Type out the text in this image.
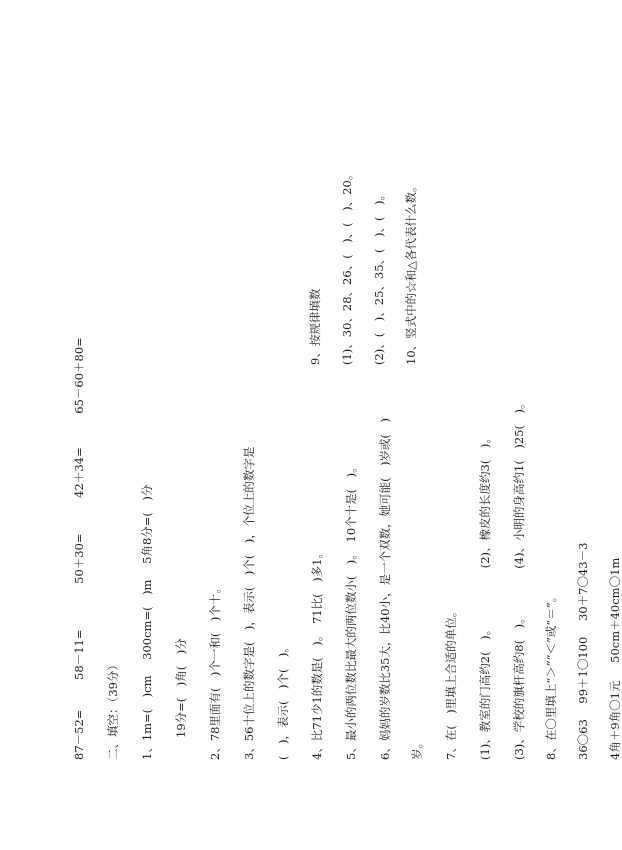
87－52= 58－11= 50＋30= 42＋34= 65－60＋80=
二、填空：（39分） 1、1m=(　)cm 300cm=(　)m 5角8分=(　)分
19分=(　)角(　)分 2、78里面有(　)个一和(　)个十。 3、56十位上的数字是(　)，表示(　)个(　)，个位上的数字是 (　)，表示(　)个(　)。 4、比71少1的数是(　)。　71比(　)多1。 5、最小的两位数比最大的两位数小(　)。　10个十是(　)。 6、妈妈的岁数比35大，比40小，是一个双数，她可能(　)岁或(　) 岁。 7、在(　)里填上合适的单位。 (1)、教室的门高约2(　)。 (2)、橡皮的长度约3(　)。
(3)、学校的旗杆高约8(　)。 (4)、小明的身高约1(　)25(　)。
8、在〇里填上“＞”“＜”或“＝”。 36〇63 99＋1〇100 30＋7〇43－3
4角＋9角〇1元 50cm＋40cm〇1m
9、按规律填数 (1)、30、28、26、(　)、(　)、20。 (2)、(　)、25、35、(　)、(　)。 10、竖式中的☆和△各代表什么数。
